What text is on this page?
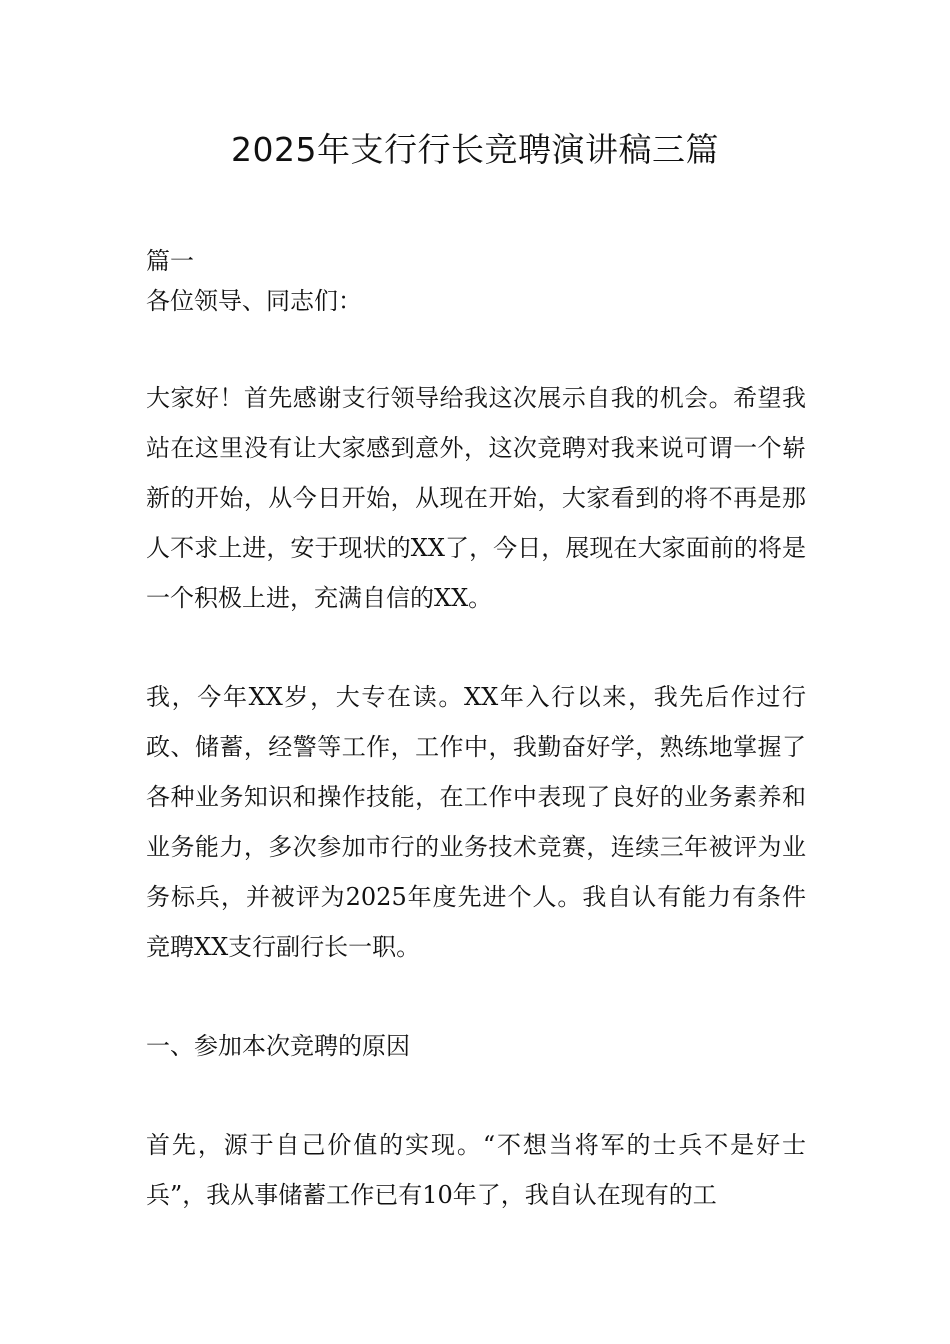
2025年支行行长竞聘演讲稿三篇

篇一

各位领导、同志们：

大家好！首先感谢支行领导给我这次展示自我的机会。希望我站在这里没有让大家感到意外，这次竞聘对我来说可谓一个崭新的开始，从今日开始，从现在开始，大家看到的将不再是那人不求上进，安于现状的XX了，今日，展现在大家面前的将是一个积极上进，充满自信的XX。

我，今年XX岁，大专在读。XX年入行以来，我先后作过行政、储蓄，经警等工作，工作中，我勤奋好学，熟练地掌握了各种业务知识和操作技能，在工作中表现了良好的业务素养和业务能力，多次参加市行的业务技术竞赛，连续三年被评为业务标兵，并被评为2025年度先进个人。我自认有能力有条件竞聘XX支行副行长一职。

一、参加本次竞聘的原因

首先，源于自己价值的实现。“不想当将军的士兵不是好士兵”，我从事储蓄工作已有10年了，我自认在现有的工
